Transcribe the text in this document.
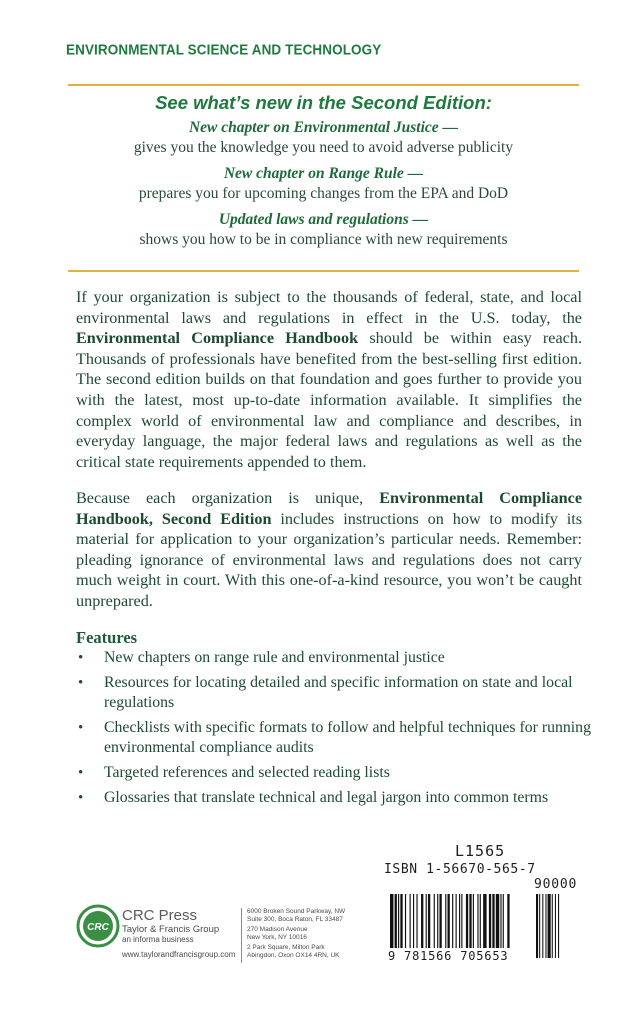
ENVIRONMENTAL SCIENCE AND TECHNOLOGY
See what’s new in the Second Edition:
New chapter on Environmental Justice —
gives you the knowledge you need to avoid adverse publicity
New chapter on Range Rule —
prepares you for upcoming changes from the EPA and DoD
Updated laws and regulations —
shows you how to be in compliance with new requirements

If your organization is subject to the thousands of federal, state, and local environmental laws and regulations in effect in the U.S. today, the Environmental Compliance Handbook should be within easy reach. Thousands of professionals have benefited from the best-selling first edition. The second edition builds on that foundation and goes further to provide you with the latest, most up-to-date information available. It simplifies the complex world of environmental law and compliance and describes, in everyday language, the major federal laws and regulations as well as the critical state requirements appended to them.

Because each organization is unique, Environmental Compliance Handbook, Second Edition includes instructions on how to modify its material for application to your organization’s particular needs. Remember: pleading ignorance of environmental laws and regulations does not carry much weight in court. With this one-of-a-kind resource, you won’t be caught unprepared.

Features
• New chapters on range rule and environmental justice
• Resources for locating detailed and specific information on state and local regulations
• Checklists with specific formats to follow and helpful techniques for running environmental compliance audits
• Targeted references and selected reading lists
• Glossaries that translate technical and legal jargon into common terms
L1565
ISBN 1-56670-565-7
90000
9 781566 705653
CRC
CRC Press
Taylor & Francis Group
an informa business
www.taylorandfrancisgroup.com
6000 Broken Sound Parkway, NW
Suite 300, Boca Raton, FL 33487
270 Madison Avenue
New York, NY 10016
2 Park Square, Milton Park
Abingdon, Oxon OX14 4RN, UK
